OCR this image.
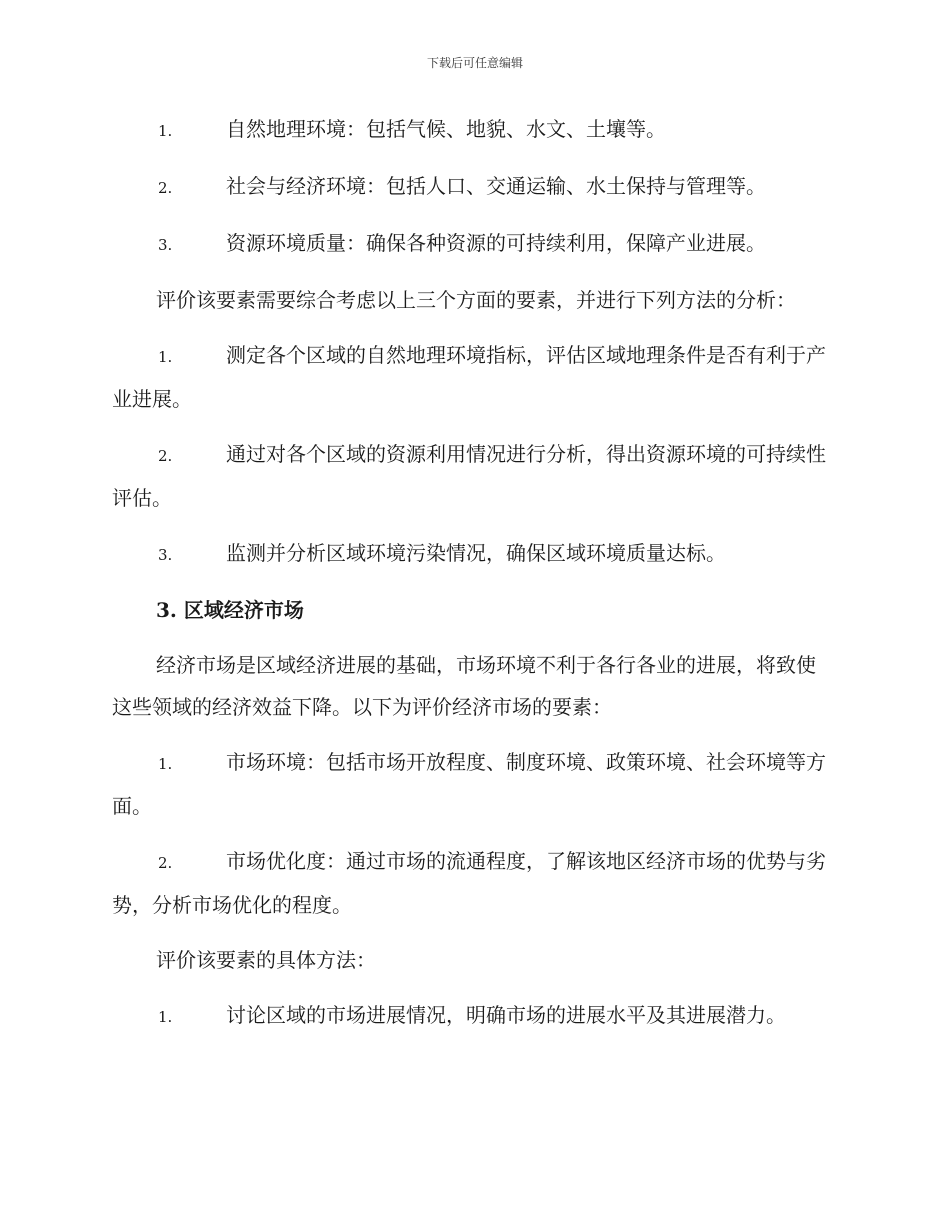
下载后可任意编辑
1.	自然地理环境：包括气候、地貌、水文、土壤等。
2.	社会与经济环境：包括人口、交通运输、水土保持与管理等。
3.	资源环境质量：确保各种资源的可持续利用，保障产业进展。
评价该要素需要综合考虑以上三个方面的要素，并进行下列方法的分析：
1.	测定各个区域的自然地理环境指标，评估区域地理条件是否有利于产业进展。
2.	通过对各个区域的资源利用情况进行分析，得出资源环境的可持续性评估。
3.	监测并分析区域环境污染情况，确保区域环境质量达标。
3. 区域经济市场
经济市场是区域经济进展的基础，市场环境不利于各行各业的进展，将致使这些领域的经济效益下降。以下为评价经济市场的要素：
1.	市场环境：包括市场开放程度、制度环境、政策环境、社会环境等方面。
2.	市场优化度：通过市场的流通程度，了解该地区经济市场的优势与劣势，分析市场优化的程度。
评价该要素的具体方法：
1.	讨论区域的市场进展情况，明确市场的进展水平及其进展潜力。
